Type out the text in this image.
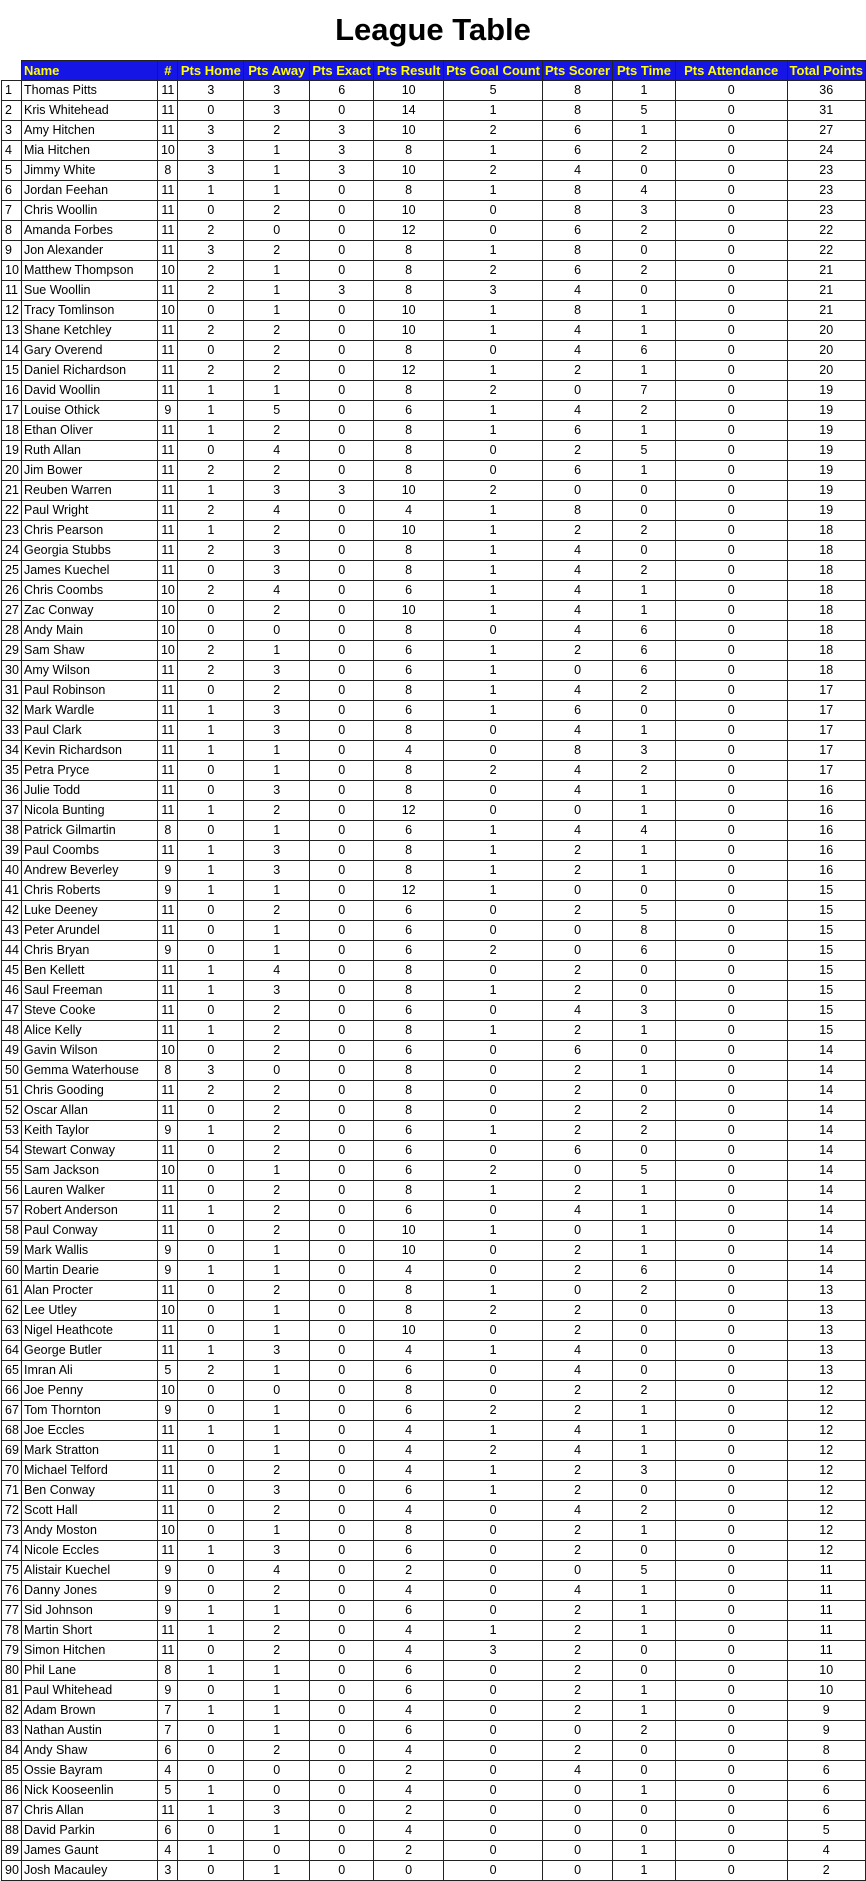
League Table
	Name	#	Pts Home	Pts Away	Pts Exact	Pts Result	Pts Goal Count	Pts Scorer	Pts Time	Pts Attendance	Total Points
1	Thomas Pitts	11	3	3	6	10	5	8	1	0	36
2	Kris Whitehead	11	0	3	0	14	1	8	5	0	31
3	Amy Hitchen	11	3	2	3	10	2	6	1	0	27
4	Mia Hitchen	10	3	1	3	8	1	6	2	0	24
5	Jimmy White	8	3	1	3	10	2	4	0	0	23
6	Jordan Feehan	11	1	1	0	8	1	8	4	0	23
7	Chris Woollin	11	0	2	0	10	0	8	3	0	23
8	Amanda Forbes	11	2	0	0	12	0	6	2	0	22
9	Jon Alexander	11	3	2	0	8	1	8	0	0	22
10	Matthew Thompson	10	2	1	0	8	2	6	2	0	21
11	Sue Woollin	11	2	1	3	8	3	4	0	0	21
12	Tracy Tomlinson	10	0	1	0	10	1	8	1	0	21
13	Shane Ketchley	11	2	2	0	10	1	4	1	0	20
14	Gary Overend	11	0	2	0	8	0	4	6	0	20
15	Daniel Richardson	11	2	2	0	12	1	2	1	0	20
16	David Woollin	11	1	1	0	8	2	0	7	0	19
17	Louise Othick	9	1	5	0	6	1	4	2	0	19
18	Ethan Oliver	11	1	2	0	8	1	6	1	0	19
19	Ruth Allan	11	0	4	0	8	0	2	5	0	19
20	Jim Bower	11	2	2	0	8	0	6	1	0	19
21	Reuben Warren	11	1	3	3	10	2	0	0	0	19
22	Paul Wright	11	2	4	0	4	1	8	0	0	19
23	Chris Pearson	11	1	2	0	10	1	2	2	0	18
24	Georgia Stubbs	11	2	3	0	8	1	4	0	0	18
25	James Kuechel	11	0	3	0	8	1	4	2	0	18
26	Chris Coombs	10	2	4	0	6	1	4	1	0	18
27	Zac Conway	10	0	2	0	10	1	4	1	0	18
28	Andy Main	10	0	0	0	8	0	4	6	0	18
29	Sam Shaw	10	2	1	0	6	1	2	6	0	18
30	Amy Wilson	11	2	3	0	6	1	0	6	0	18
31	Paul Robinson	11	0	2	0	8	1	4	2	0	17
32	Mark Wardle	11	1	3	0	6	1	6	0	0	17
33	Paul Clark	11	1	3	0	8	0	4	1	0	17
34	Kevin Richardson	11	1	1	0	4	0	8	3	0	17
35	Petra Pryce	11	0	1	0	8	2	4	2	0	17
36	Julie Todd	11	0	3	0	8	0	4	1	0	16
37	Nicola Bunting	11	1	2	0	12	0	0	1	0	16
38	Patrick Gilmartin	8	0	1	0	6	1	4	4	0	16
39	Paul Coombs	11	1	3	0	8	1	2	1	0	16
40	Andrew Beverley	9	1	3	0	8	1	2	1	0	16
41	Chris Roberts	9	1	1	0	12	1	0	0	0	15
42	Luke Deeney	11	0	2	0	6	0	2	5	0	15
43	Peter Arundel	11	0	1	0	6	0	0	8	0	15
44	Chris Bryan	9	0	1	0	6	2	0	6	0	15
45	Ben Kellett	11	1	4	0	8	0	2	0	0	15
46	Saul Freeman	11	1	3	0	8	1	2	0	0	15
47	Steve Cooke	11	0	2	0	6	0	4	3	0	15
48	Alice Kelly	11	1	2	0	8	1	2	1	0	15
49	Gavin Wilson	10	0	2	0	6	0	6	0	0	14
50	Gemma Waterhouse	8	3	0	0	8	0	2	1	0	14
51	Chris Gooding	11	2	2	0	8	0	2	0	0	14
52	Oscar Allan	11	0	2	0	8	0	2	2	0	14
53	Keith Taylor	9	1	2	0	6	1	2	2	0	14
54	Stewart Conway	11	0	2	0	6	0	6	0	0	14
55	Sam Jackson	10	0	1	0	6	2	0	5	0	14
56	Lauren Walker	11	0	2	0	8	1	2	1	0	14
57	Robert Anderson	11	1	2	0	6	0	4	1	0	14
58	Paul Conway	11	0	2	0	10	1	0	1	0	14
59	Mark Wallis	9	0	1	0	10	0	2	1	0	14
60	Martin Dearie	9	1	1	0	4	0	2	6	0	14
61	Alan Procter	11	0	2	0	8	1	0	2	0	13
62	Lee Utley	10	0	1	0	8	2	2	0	0	13
63	Nigel Heathcote	11	0	1	0	10	0	2	0	0	13
64	George Butler	11	1	3	0	4	1	4	0	0	13
65	Imran Ali	5	2	1	0	6	0	4	0	0	13
66	Joe Penny	10	0	0	0	8	0	2	2	0	12
67	Tom Thornton	9	0	1	0	6	2	2	1	0	12
68	Joe Eccles	11	1	1	0	4	1	4	1	0	12
69	Mark Stratton	11	0	1	0	4	2	4	1	0	12
70	Michael Telford	11	0	2	0	4	1	2	3	0	12
71	Ben Conway	11	0	3	0	6	1	2	0	0	12
72	Scott Hall	11	0	2	0	4	0	4	2	0	12
73	Andy Moston	10	0	1	0	8	0	2	1	0	12
74	Nicole Eccles	11	1	3	0	6	0	2	0	0	12
75	Alistair Kuechel	9	0	4	0	2	0	0	5	0	11
76	Danny Jones	9	0	2	0	4	0	4	1	0	11
77	Sid Johnson	9	1	1	0	6	0	2	1	0	11
78	Martin Short	11	1	2	0	4	1	2	1	0	11
79	Simon Hitchen	11	0	2	0	4	3	2	0	0	11
80	Phil Lane	8	1	1	0	6	0	2	0	0	10
81	Paul Whitehead	9	0	1	0	6	0	2	1	0	10
82	Adam Brown	7	1	1	0	4	0	2	1	0	9
83	Nathan Austin	7	0	1	0	6	0	0	2	0	9
84	Andy Shaw	6	0	2	0	4	0	2	0	0	8
85	Ossie Bayram	4	0	0	0	2	0	4	0	0	6
86	Nick Kooseenlin	5	1	0	0	4	0	0	1	0	6
87	Chris Allan	11	1	3	0	2	0	0	0	0	6
88	David Parkin	6	0	1	0	4	0	0	0	0	5
89	James Gaunt	4	1	0	0	2	0	0	1	0	4
90	Josh Macauley	3	0	1	0	0	0	0	1	0	2
